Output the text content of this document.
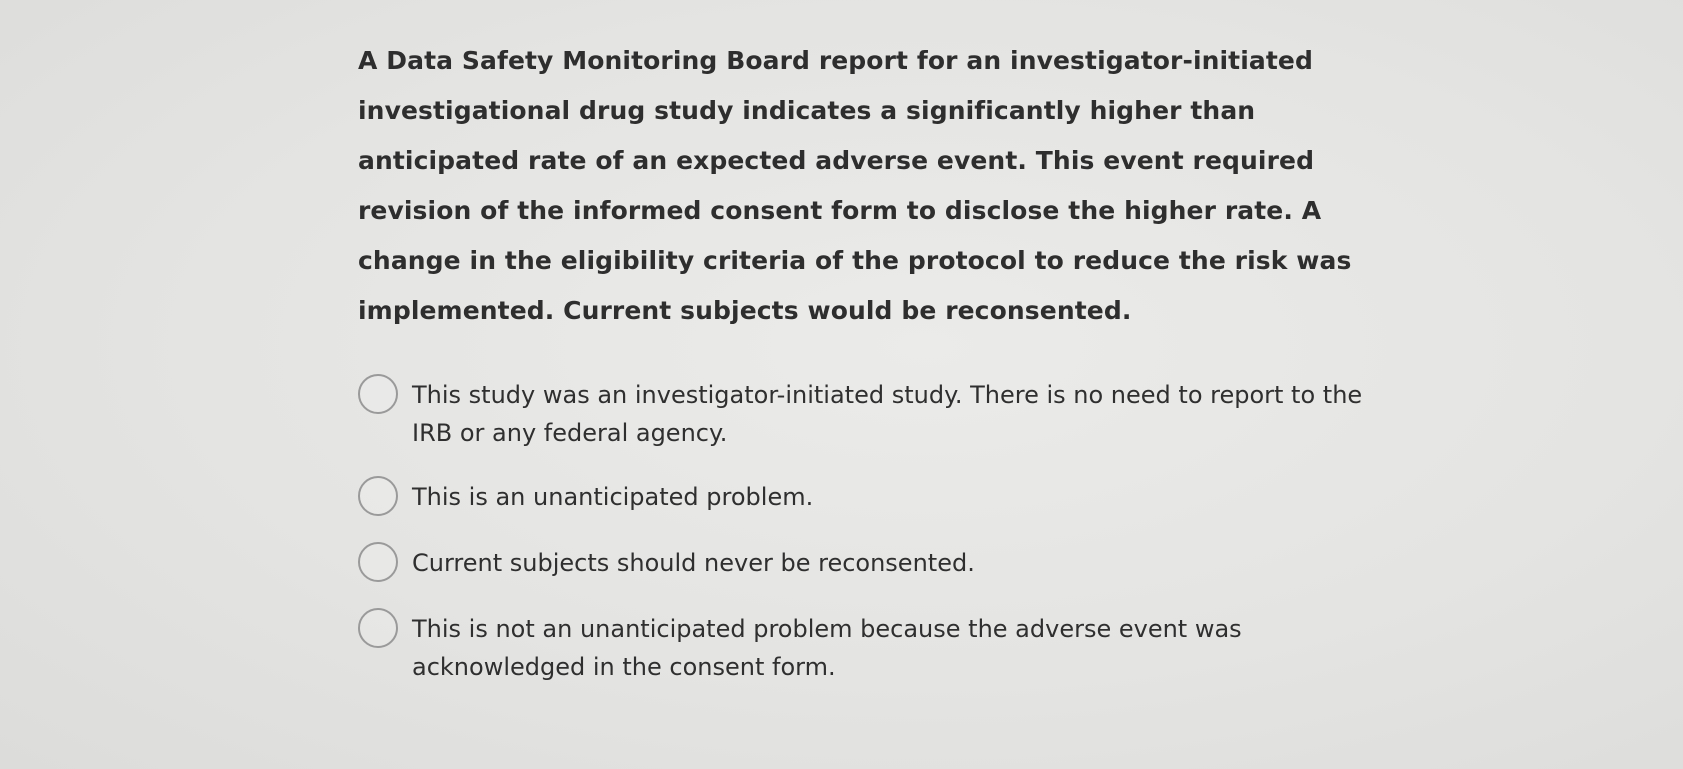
A Data Safety Monitoring Board report for an investigator-initiated investigational drug study indicates a significantly higher than anticipated rate of an expected adverse event. This event required revision of the informed consent form to disclose the higher rate. A change in the eligibility criteria of the protocol to reduce the risk was implemented. Current subjects would be reconsented.

This study was an investigator-initiated study. There is no need to report to the IRB or any federal agency.
This is an unanticipated problem.
Current subjects should never be reconsented.
This is not an unanticipated problem because the adverse event was acknowledged in the consent form.
